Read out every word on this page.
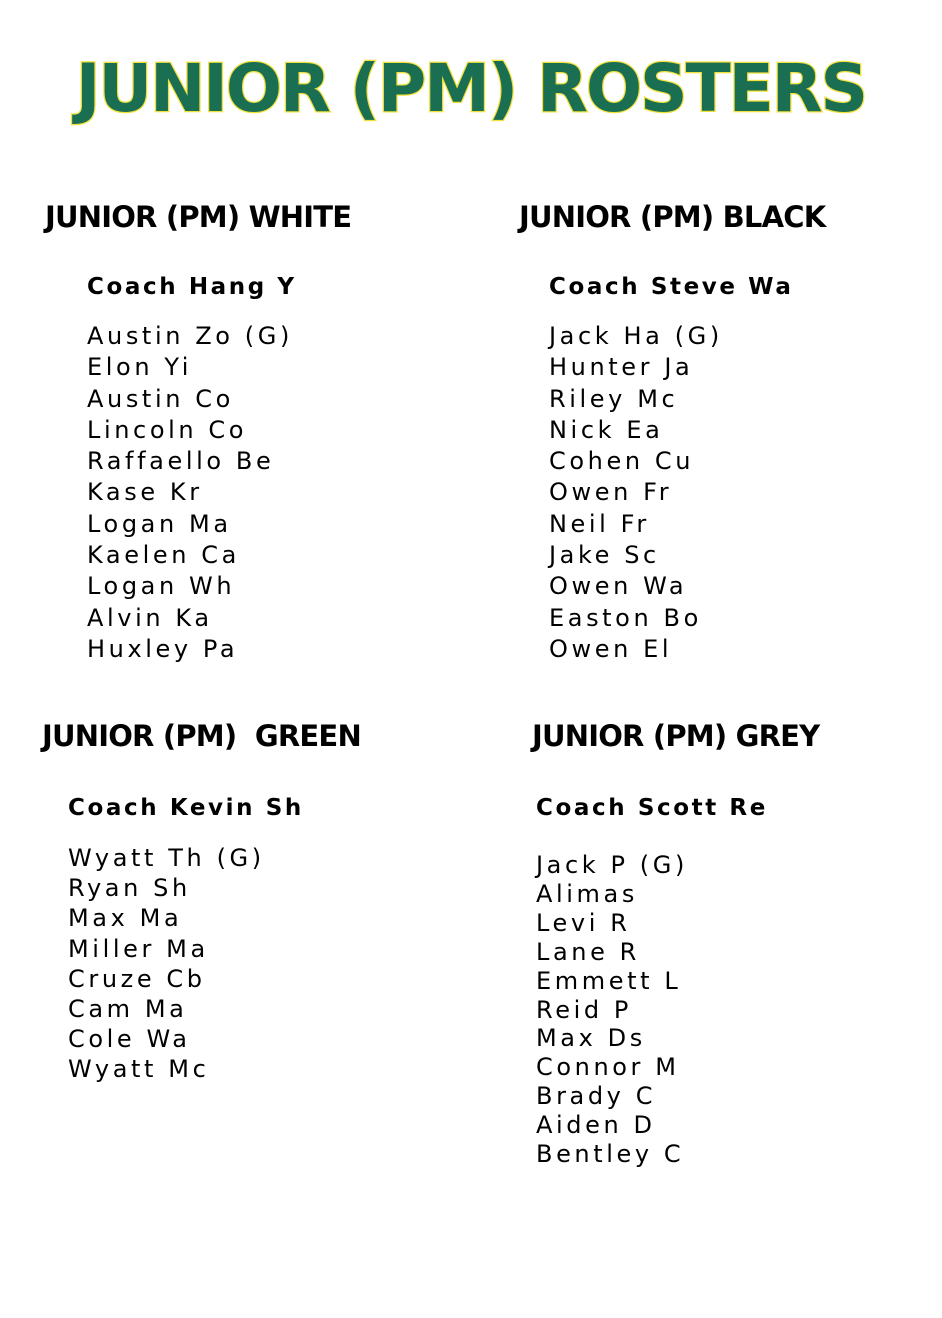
JUNIOR (PM) ROSTERS
JUNIOR (PM) WHITE
Coach Hang Y
Austin Zo (G)
Elon Yi
Austin Co
Lincoln Co
Raffaello Be
Kase Kr
Logan Ma
Kaelen Ca
Logan Wh
Alvin Ka
Huxley Pa
JUNIOR (PM) BLACK
Coach Steve Wa
Jack Ha (G)
Hunter Ja
Riley Mc
Nick Ea
Cohen Cu
Owen Fr
Neil Fr
Jake Sc
Owen Wa
Easton Bo
Owen El
JUNIOR (PM)  GREEN
Coach Kevin Sh
Wyatt Th (G)
Ryan Sh
Max Ma
Miller Ma
Cruze Cb
Cam Ma
Cole Wa
Wyatt Mc
JUNIOR (PM) GREY
Coach Scott Re
Jack P (G)
Alimas
Levi R
Lane R
Emmett L
Reid P
Max Ds
Connor M
Brady C
Aiden D
Bentley C
